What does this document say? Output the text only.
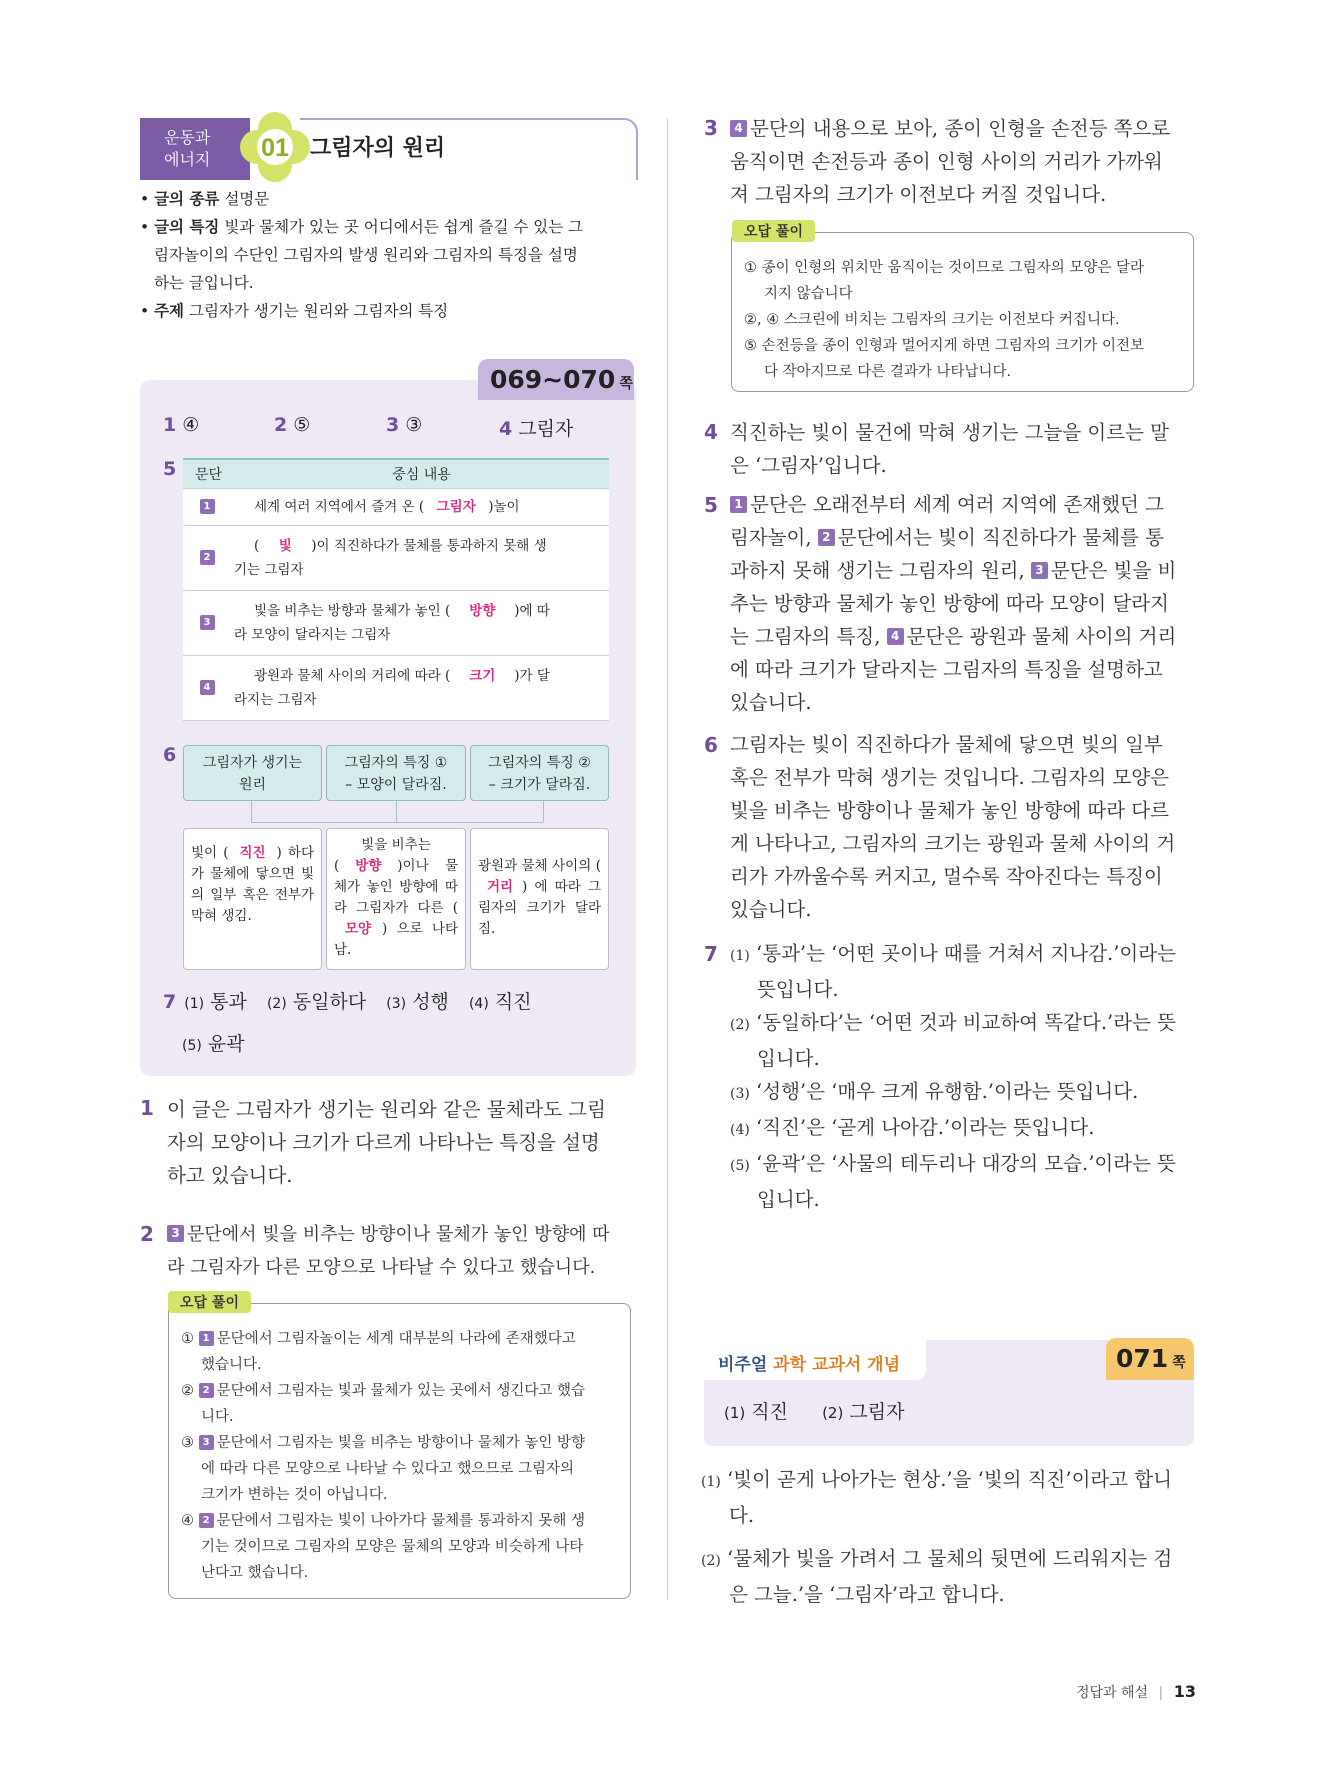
운동과
에너지	01 그림자의 원리
• 글의 종류 설명문
• 글의 특징 빛과 물체가 있는 곳 어디에서든 쉽게 즐길 수 있는 그
림자놀이의 수단인 그림자의 발생 원리와 그림자의 특징을 설명
하는 글입니다.
• 주제 그림자가 생기는 원리와 그림자의 특징
069~070 쪽
1 ④	2 ⑤	3 ③	4 그림자
5 문단	중심 내용
1	세계 여러 지역에서 즐겨 온 ( 그림자 )놀이
2	( 빛 )이 직진하다가 물체를 통과하지 못해 생
기는 그림자

3	빛을 비추는 방향과 물체가 놓인 ( 방향 )에 따
라 모양이 달라지는 그림자

4	광원과 물체 사이의 거리에 따라 ( 크기 )가 달
라지는 그림자
6	그림자가 생기는
원리
그림자의 특징 ①
– 모양이 달라짐.
그림자의 특징 ②
– 크기가 달라짐.
빛이 ( 직진 ) 하다가 물체에 닿으면 빛의 일부 혹은 전부가 막혀 생김.
빛을 비추는
( 방향 )이나 물체가 놓인 방향에 따라 그림자가 다른 (모양 ) 으로 나타남.
광원과 물체 사이의 (거리 ) 에 따라 그림자의 크기가 달라짐.
7 (1) 통과 (2) 동일하다 (3) 성행 (4) 직진
(5) 윤곽
1 이 글은 그림자가 생기는 원리와 같은 물체라도 그림
자의 모양이나 크기가 다르게 나타나는 특징을 설명
하고 있습니다.
2	3 문단에서 빛을 비추는 방향이나 물체가 놓인 방향에 따
라 그림자가 다른 모양으로 나타날 수 있다고 했습니다.
① 1 문단에서 그림자놀이는 세계 대부분의 나라에 존재했다고
했습니다.
② 2 문단에서 그림자는 빛과 물체가 있는 곳에서 생긴다고 했습
니다.
③ 3 문단에서 그림자는 빛을 비추는 방향이나 물체가 놓인 방향
에 따라 다른 모양으로 나타날 수 있다고 했으므로 그림자의
크기가 변하는 것이 아닙니다.
④ 2 문단에서 그림자는 빛이 나아가다 물체를 통과하지 못해 생
기는 것이므로 그림자의 모양은 물체의 모양과 비슷하게 나타
난다고 했습니다.
오답 풀이
3	4 문단의 내용으로 보아, 종이 인형을 손전등 쪽으로
움직이면 손전등과 종이 인형 사이의 거리가 가까워
져 그림자의 크기가 이전보다 커질 것입니다.
① 종이 인형의 위치만 움직이는 것이므로 그림자의 모양은 달라
지지 않습니다
②, ④ 스크린에 비치는 그림자의 크기는 이전보다 커집니다.
⑤ 손전등을 종이 인형과 멀어지게 하면 그림자의 크기가 이전보
다 작아지므로 다른 결과가 나타납니다.
오답 풀이
4 직진하는 빛이 물건에 막혀 생기는 그늘을 이르는 말
은 ‘그림자’입니다.
5	1 문단은 오래전부터 세계 여러 지역에 존재했던 그
림자놀이, 2 문단에서는 빛이 직진하다가 물체를 통
과하지 못해 생기는 그림자의 원리, 3 문단은 빛을 비
추는 방향과 물체가 놓인 방향에 따라 모양이 달라지
는 그림자의 특징, 4 문단은 광원과 물체 사이의 거리
에 따라 크기가 달라지는 그림자의 특징을 설명하고
있습니다.
6 그림자는 빛이 직진하다가 물체에 닿으면 빛의 일부
혹은 전부가 막혀 생기는 것입니다. 그림자의 모양은
빛을 비추는 방향이나 물체가 놓인 방향에 따라 다르
게 나타나고, 그림자의 크기는 광원과 물체 사이의 거
리가 가까울수록 커지고, 멀수록 작아진다는 특징이
있습니다.
7 (1) ‘통과’는 ‘어떤 곳이나 때를 거쳐서 지나감.’이라는
뜻입니다.
(2) ‘동일하다’는 ‘어떤 것과 비교하여 똑같다.’라는 뜻
입니다.
(3) ‘성행’은 ‘매우 크게 유행함.’이라는 뜻입니다.
(4) ‘직진’은 ‘곧게 나아감.’이라는 뜻입니다.
(5) ‘윤곽’은 ‘사물의 테두리나 대강의 모습.’이라는 뜻
입니다.
비주얼 과학 교과서 개념	071 쪽
(1) 직진 (2) 그림자
(1) ‘빛이 곧게 나아가는 현상.’을 ‘빛의 직진’이라고 합니
다.
(2) ‘물체가 빛을 가려서 그 물체의 뒷면에 드리워지는 검
은 그늘.’을 ‘그림자’라고 합니다.
정답과 해설 | 13
